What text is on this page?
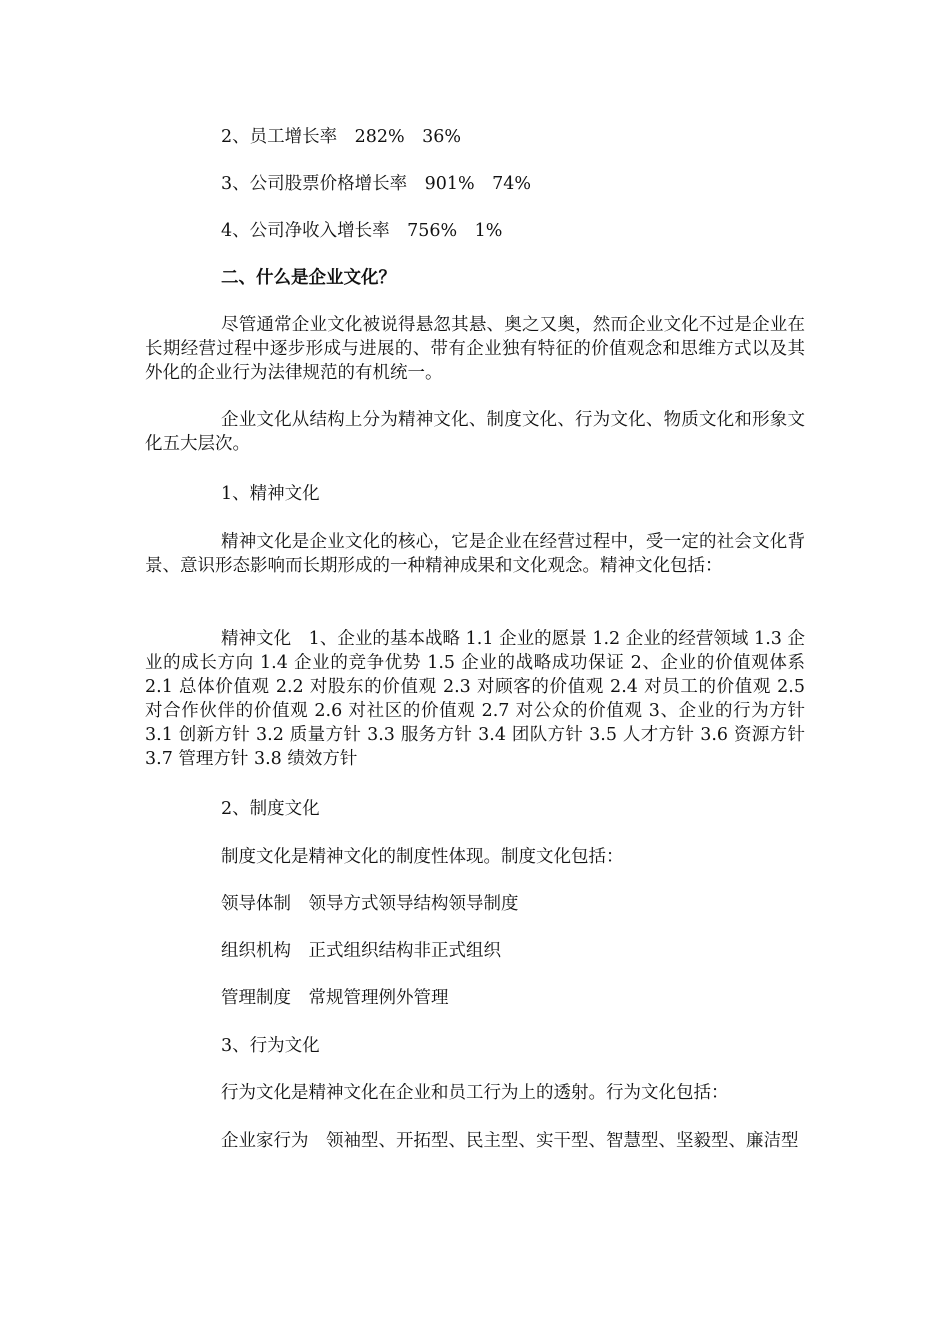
2、员工增长率　282%　36%
3、公司股票价格增长率　901%　74%
4、公司净收入增长率　756%　1%
二、什么是企业文化？

尽管通常企业文化被说得悬忽其悬、奥之又奥，然而企业文化不过是企业在长期经营过程中逐步形成与进展的、带有企业独有特征的价值观念和思维方式以及其外化的企业行为法律规范的有机统一。

企业文化从结构上分为精神文化、制度文化、行为文化、物质文化和形象文化五大层次。

1、精神文化

精神文化是企业文化的核心，它是企业在经营过程中，受一定的社会文化背景、意识形态影响而长期形成的一种精神成果和文化观念。精神文化包括：

精神文化　1、企业的基本战略 1.1 企业的愿景 1.2 企业的经营领域 1.3 企业的成长方向 1.4 企业的竞争优势 1.5 企业的战略成功保证 2、企业的价值观体系 2.1 总体价值观 2.2 对股东的价值观 2.3 对顾客的价值观 2.4 对员工的价值观 2.5 对合作伙伴的价值观 2.6 对社区的价值观 2.7 对公众的价值观 3、企业的行为方针 3.1 创新方针 3.2 质量方针 3.3 服务方针 3.4 团队方针 3.5 人才方针 3.6 资源方针 3.7 管理方针 3.8 绩效方针

2、制度文化
制度文化是精神文化的制度性体现。制度文化包括：
领导体制　领导方式领导结构领导制度
组织机构　正式组织结构非正式组织
管理制度　常规管理例外管理
3、行为文化
行为文化是精神文化在企业和员工行为上的透射。行为文化包括：

企业家行为　领袖型、开拓型、民主型、实干型、智慧型、坚毅型、廉洁型
